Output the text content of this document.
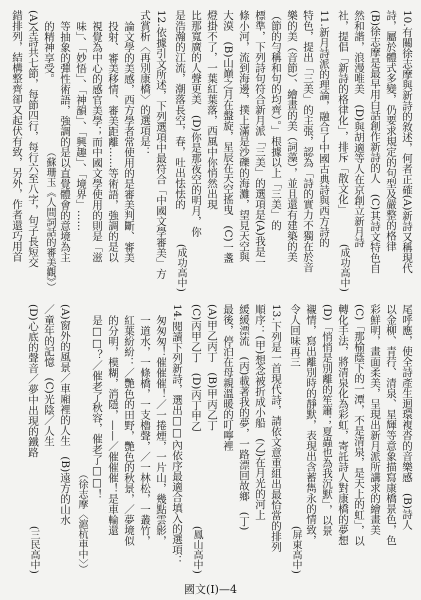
10.有關徐志摩與新詩的敘述，何者正確(A)新詩又稱現代
詩，屬於體式多變，仍要求規定的句型及嚴整的格律
(B)徐志摩是最早用白話創作新詩的人　(C)其詩文特色自
然和諧，浪漫唯美　(D)與胡適等人在京創立新月詩
社，提倡「新詩的格律化」，排斥「散文化」
(成功高中)
11.新月詩派的理論，融合了中國古典詩與西方詩的
特色，提出「三美」的主張，認為「詩的實力不獨在於音
樂的美（音節）、繪畫的美（詞藻），並且還有建築的美
（節的勻稱和句的均齊）。」根據以上「三美」的
標準，下列詩句符合新月派「三美」的選項是(A)我是一
條小河，流到海邊，撲上滿是沙礫的海灘，望見天空與
大漠　(B)山巔之月在盤旋，星辰在天空搖曳　(C)一盞
燈掛不了，一葉紅葉落，西風中你悄然出現
比那寬廣的人聲更美　(D)你是那夜空的明月，你
是浩瀚的江流，潮落長空，春，吐出怯怯的
(成功高中)
12.依據引文所述，下列選項中最符合「中國文學審美」方
式賞析〈再別康橋〉的選項是：
論文學的美感，西方學者常使用的是審美判斷、審美
投射、審美移情、審美距離……等術語，強調的是以
視覺為中心的感官美學；而中國文學使用的則是「滋
味」、「妙悟」、「神韻」、「興趣」、「境界」……
等抽象的彈性術語，強調的是以直覺體會的意境為主
的精神享受。
（蘇珊玉《人間詞話的審美觀》）
(A)全詩共七節，每節四行，每行六至八字，句子長短交
錯排列，結構整齊卻又起伏有致，另外，作者還巧用首
尾呼應，使全詩產生迴環複沓的音樂感　(B)詩人
以金柳、青荇、清泉、星輝等意象描寫康橋景色，色
彩鮮明，畫面柔美，呈現出新月派所講求的繪畫美
(C)「那榆蔭下的一潭，不是清泉，是天上的虹」，以
轉化手法，將清泉化為彩虹，寄託詩人對康橋的夢想
(D)「悄悄是別離的笙簫；夏蟲也為我沉默」，以景
襯情，寫出離別時的靜默，表現出含蓄雋永的情致，
令人回味再三
(屏東高中)
13.下列是一首現代詩，請依文意重組出最恰當的排列
順序：(甲)想念被折成小船　(乙)在月光的河上
緩緩漂流　(丙)載著我的夢，一路漂回故鄉　(丁)
最後，停泊在母親溫暖的叮嚀裡
(A)甲乙丙丁　(B)甲丙乙丁
(C)丙甲乙丁　(D)丙丁甲乙
(鳳山高中)
14.閱讀下列新詩，選出□□內依序最適合填入的選項：
匆匆匆！催催催！／一捲煙，一片山，幾點雲影，
一道水，一條橋，一支櫓聲，／一林松，一叢竹，
紅葉紛紛：／艷色的田野，艷色的秋景，／夢境似
的分明，模糊，消隱，——／催催催！是車輪還
是□□？／催老了秋容，催老了□□！
（徐志摩〈滬杭車中〉）
(A)窗外的風景／車廂裡的人生　(B)遠方的山水
／童年的記憶　(C)光陰／人生
(D)心底的聲音／夢中出現的鐵路
(三民高中)
國文(I)—4
